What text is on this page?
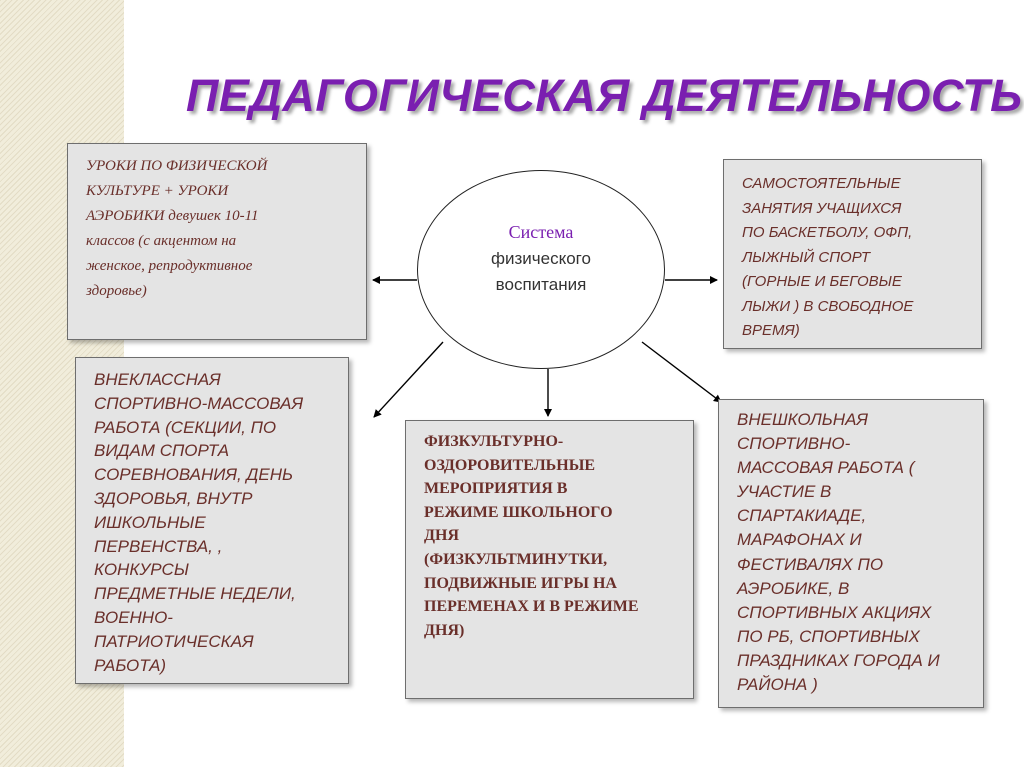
ПЕДАГОГИЧЕСКАЯ ДЕЯТЕЛЬНОСТЬ
Система
физического
воспитания
УРОКИ ПО ФИЗИЧЕСКОЙ
КУЛЬТУРЕ + УРОКИ
АЭРОБИКИ девушек 10-11
классов (с акцентом на
женское, репродуктивное
здоровье)
САМОСТОЯТЕЛЬНЫЕ
ЗАНЯТИЯ УЧАЩИХСЯ
ПО БАСКЕТБОЛУ, ОФП,
ЛЫЖНЫЙ СПОРТ
(ГОРНЫЕ И БЕГОВЫЕ
ЛЫЖИ ) В СВОБОДНОЕ
ВРЕМЯ)
ВНЕКЛАССНАЯ
СПОРТИВНО-МАССОВАЯ
РАБОТА (СЕКЦИИ, ПО
ВИДАМ СПОРТА
СОРЕВНОВАНИЯ, ДЕНЬ
ЗДОРОВЬЯ, ВНУТР
ИШКОЛЬНЫЕ
ПЕРВЕНСТВА, ,
КОНКУРСЫ
ПРЕДМЕТНЫЕ НЕДЕЛИ,
ВОЕННО-
ПАТРИОТИЧЕСКАЯ
РАБОТА)
ФИЗКУЛЬТУРНО-
ОЗДОРОВИТЕЛЬНЫЕ
МЕРОПРИЯТИЯ В
РЕЖИМЕ ШКОЛЬНОГО
ДНЯ
(ФИЗКУЛЬТМИНУТКИ,
ПОДВИЖНЫЕ ИГРЫ НА
ПЕРЕМЕНАХ И В РЕЖИМЕ
ДНЯ)
ВНЕШКОЛЬНАЯ
СПОРТИВНО-
МАССОВАЯ РАБОТА (
УЧАСТИЕ В
СПАРТАКИАДЕ,
МАРАФОНАХ И
ФЕСТИВАЛЯХ ПО
АЭРОБИКЕ, В
СПОРТИВНЫХ АКЦИЯХ
ПО РБ, СПОРТИВНЫХ
ПРАЗДНИКАХ ГОРОДА И
РАЙОНА )
